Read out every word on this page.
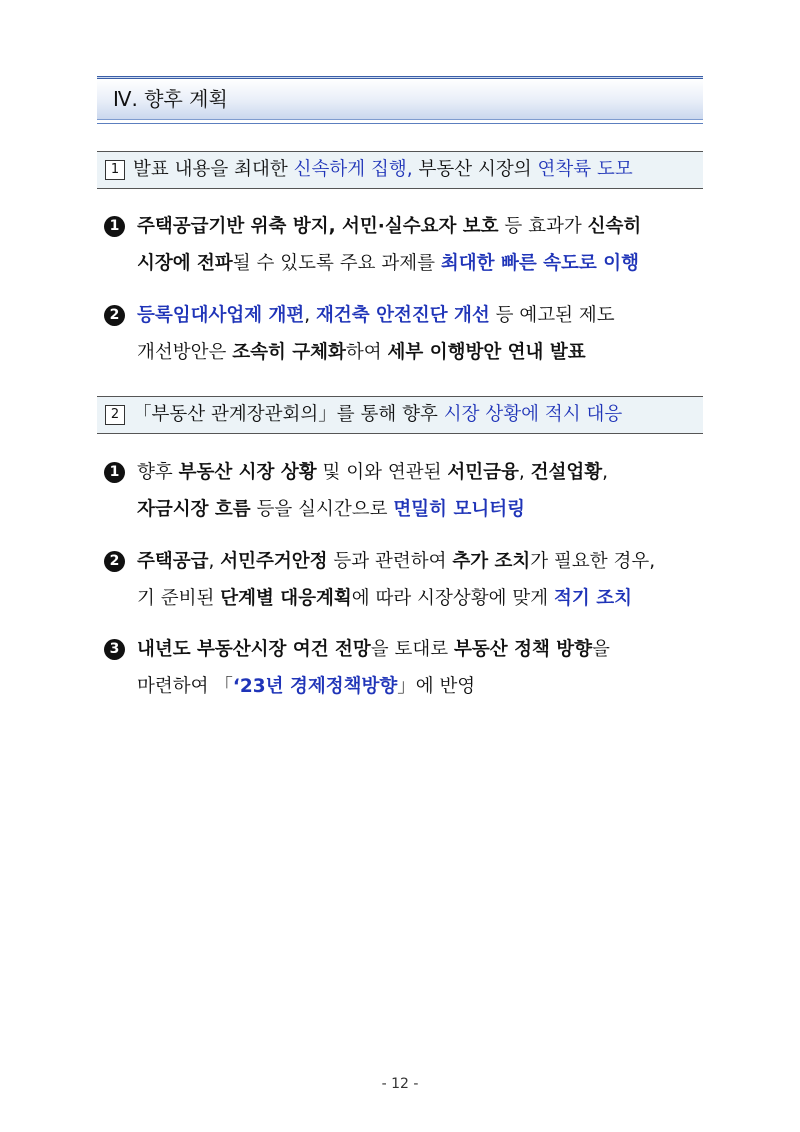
Ⅳ. 향후 계획
1 발표 내용을 최대한 신속하게 집행, 부동산 시장의 연착륙 도모
1 주택공급기반 위축 방지, 서민·실수요자 보호 등 효과가 신속히
시장에 전파될 수 있도록 주요 과제를 최대한 빠른 속도로 이행
2 등록임대사업제 개편, 재건축 안전진단 개선 등 예고된 제도
개선방안은 조속히 구체화하여 세부 이행방안 연내 발표
2 「부동산 관계장관회의」를 통해 향후 시장 상황에 적시 대응
1 향후 부동산 시장 상황 및 이와 연관된 서민금융, 건설업황,
자금시장 흐름 등을 실시간으로 면밀히 모니터링
2 주택공급, 서민주거안정 등과 관련하여 추가 조치가 필요한 경우,
기 준비된 단계별 대응계획에 따라 시장상황에 맞게 적기 조치
3 내년도 부동산시장 여건 전망을 토대로 부동산 정책 방향을
마련하여 「‘23년 경제정책방향」에 반영
- 12 -
